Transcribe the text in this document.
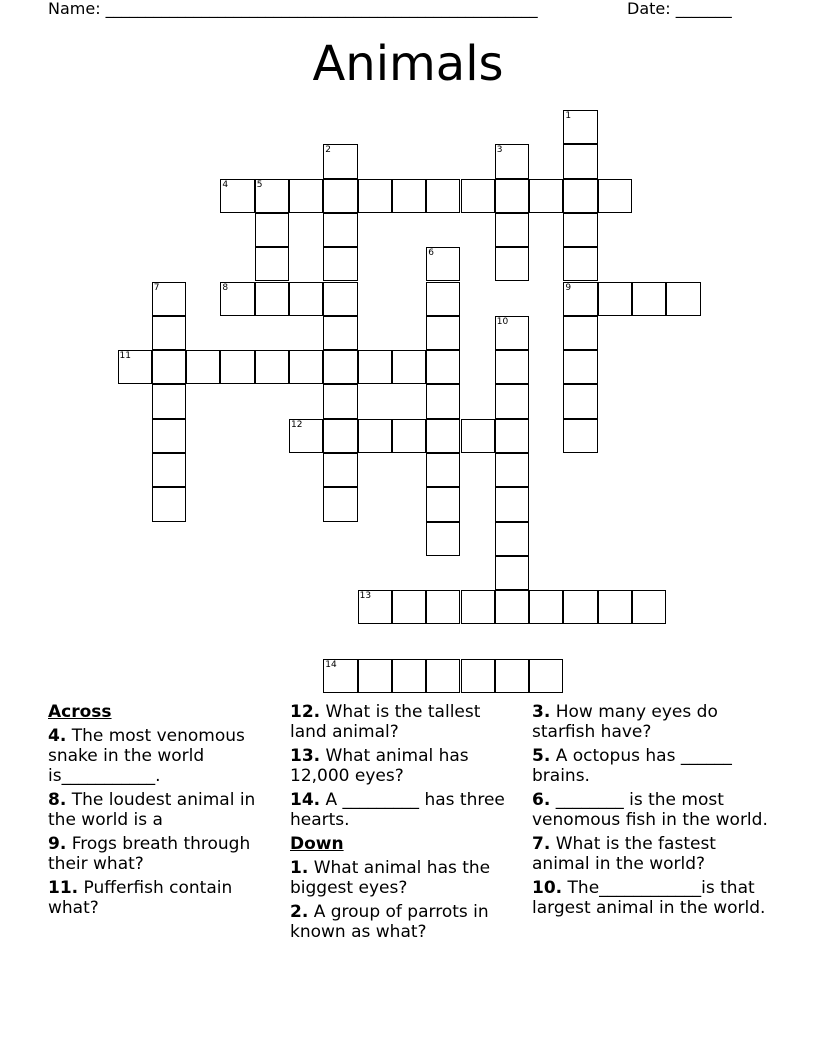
Name: ______________________________________________________	Date: _______
Animals
1
2	3
4	5
6
7	8	9
10
11
12
13
14
Across
4. The most venomous snake in the world is___________.
8. The loudest animal in the world is a
9. Frogs breath through their what?
11. Pufferfish contain what?
12. What is the tallest land animal?
13. What animal has 12,000 eyes?
14. A _________ has three hearts.
Down
1. What animal has the biggest eyes?
2. A group of parrots in known as what?
3. How many eyes do starfish have?
5. A octopus has ______ brains.
6. ________ is the most venomous fish in the world.
7. What is the fastest animal in the world?
10. The____________is that largest animal in the world.
